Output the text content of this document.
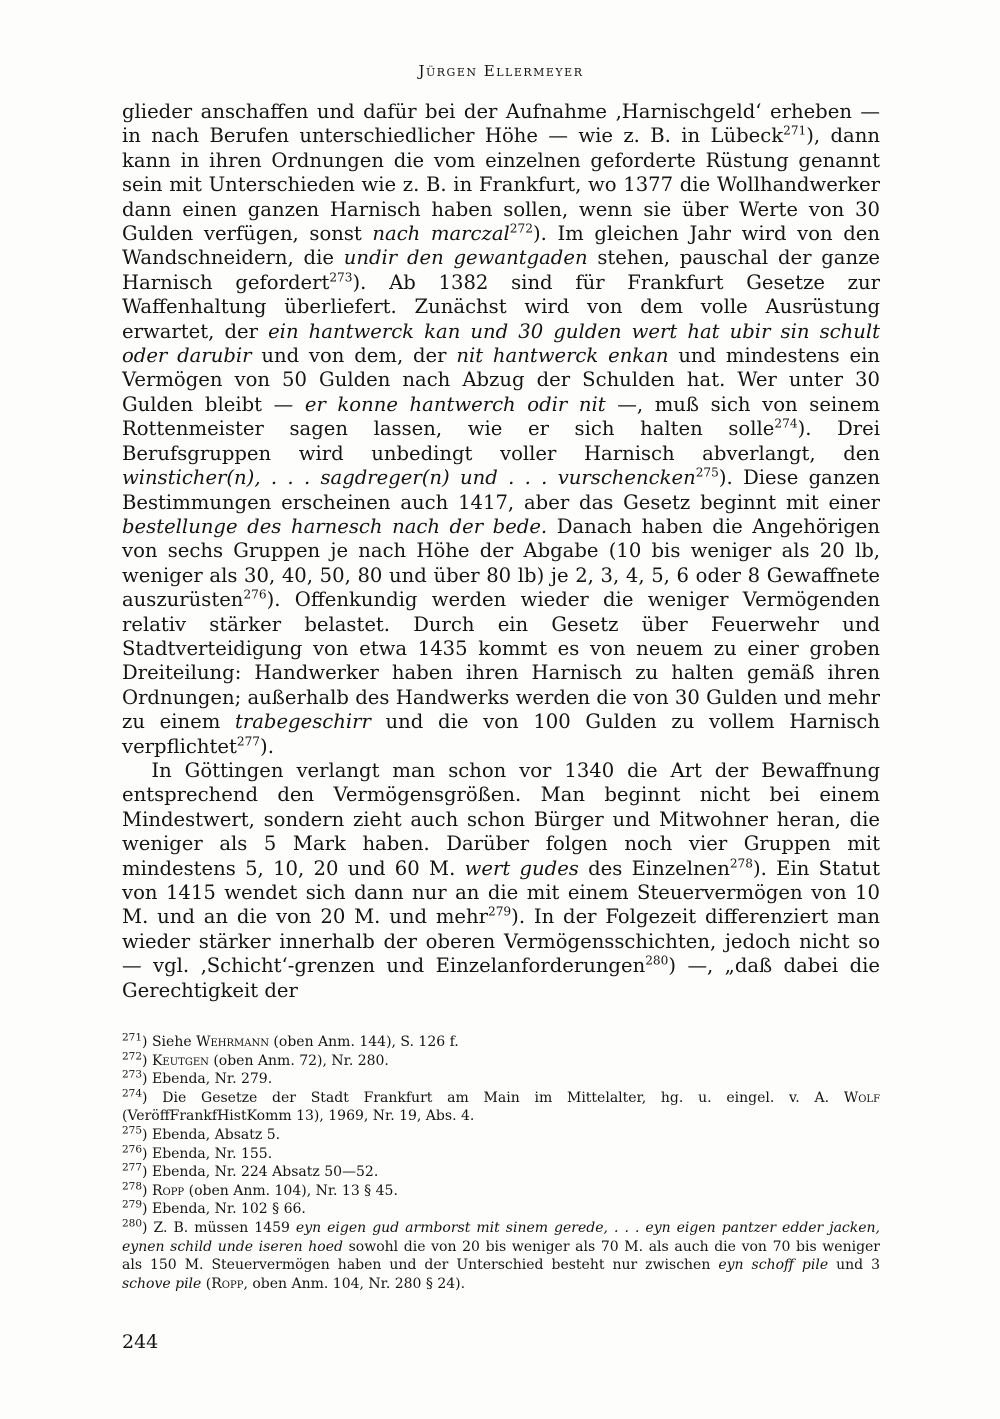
Jürgen Ellermeyer

glieder anschaffen und dafür bei der Aufnahme ‚Harnischgeld‘ erheben — in nach Berufen unterschiedlicher Höhe — wie z. B. in Lübeck$^{271}$), dann kann in ihren Ordnungen die vom einzelnen geforderte Rüstung genannt sein mit Unterschieden wie z. B. in Frankfurt, wo 1377 die Wollhandwerker dann einen ganzen Harnisch haben sollen, wenn sie über Werte von 30 Gulden verfügen, sonst nach marczal$^{272}$). Im gleichen Jahr wird von den Wandschneidern, die undir den gewantgaden stehen, pauschal der ganze Harnisch gefordert$^{273}$). Ab 1382 sind für Frankfurt Gesetze zur Waffenhaltung überliefert. Zunächst wird von dem volle Ausrüstung erwartet, der ein hantwerck kan und 30 gulden wert hat ubir sin schult oder darubir und von dem, der nit hantwerck enkan und mindestens ein Vermögen von 50 Gulden nach Abzug der Schulden hat. Wer unter 30 Gulden bleibt — er konne hantwerch odir nit —, muß sich von seinem Rottenmeister sagen lassen, wie er sich halten solle$^{274}$). Drei Berufsgruppen wird unbedingt voller Harnisch abverlangt, den winsticher(n), . . . sagdreger(n) und . . . vurschencken$^{275}$). Diese ganzen Bestimmungen erscheinen auch 1417, aber das Gesetz beginnt mit einer bestellunge des harnesch nach der bede. Danach haben die Angehörigen von sechs Gruppen je nach Höhe der Abgabe (10 bis weniger als 20 lb, weniger als 30, 40, 50, 80 und über 80 lb) je 2, 3, 4, 5, 6 oder 8 Gewaffnete auszurüsten$^{276}$). Offenkundig werden wieder die weniger Vermögenden relativ stärker belastet. Durch ein Gesetz über Feuerwehr und Stadtverteidigung von etwa 1435 kommt es von neuem zu einer groben Dreiteilung: Handwerker haben ihren Harnisch zu halten gemäß ihren Ordnungen; außerhalb des Handwerks werden die von 30 Gulden und mehr zu einem trabegeschirr und die von 100 Gulden zu vollem Harnisch verpflichtet$^{277}$).

In Göttingen verlangt man schon vor 1340 die Art der Bewaffnung entsprechend den Vermögensgrößen. Man beginnt nicht bei einem Mindestwert, sondern zieht auch schon Bürger und Mitwohner heran, die weniger als 5 Mark haben. Darüber folgen noch vier Gruppen mit mindestens 5, 10, 20 und 60 M. wert gudes des Einzelnen$^{278}$). Ein Statut von 1415 wendet sich dann nur an die mit einem Steuervermögen von 10 M. und an die von 20 M. und mehr$^{279}$). In der Folgezeit differenziert man wieder stärker innerhalb der oberen Vermögensschichten, jedoch nicht so — vgl. ‚Schicht‘-grenzen und Einzelanforderungen$^{280}$) —, „daß dabei die Gerechtigkeit der

$^{271}$) Siehe Wehrmann (oben Anm. 144), S. 126 f.
$^{272}$) Keutgen (oben Anm. 72), Nr. 280.
$^{273}$) Ebenda, Nr. 279.
$^{274}$) Die Gesetze der Stadt Frankfurt am Main im Mittelalter, hg. u. eingel. v. A. Wolf (VeröffFrankfHistKomm 13), 1969, Nr. 19, Abs. 4.
$^{275}$) Ebenda, Absatz 5.
$^{276}$) Ebenda, Nr. 155.
$^{277}$) Ebenda, Nr. 224 Absatz 50—52.
$^{278}$) Ropp (oben Anm. 104), Nr. 13 § 45.
$^{279}$) Ebenda, Nr. 102 § 66.
$^{280}$) Z. B. müssen 1459 eyn eigen gud armborst mit sinem gerede, . . . eyn eigen pantzer edder jacken, eynen schild unde iseren hoed sowohl die von 20 bis weniger als 70 M. als auch die von 70 bis weniger als 150 M. Steuervermögen haben und der Unterschied besteht nur zwischen eyn schoff pile und 3 schove pile (Ropp, oben Anm. 104, Nr. 280 § 24).
244
